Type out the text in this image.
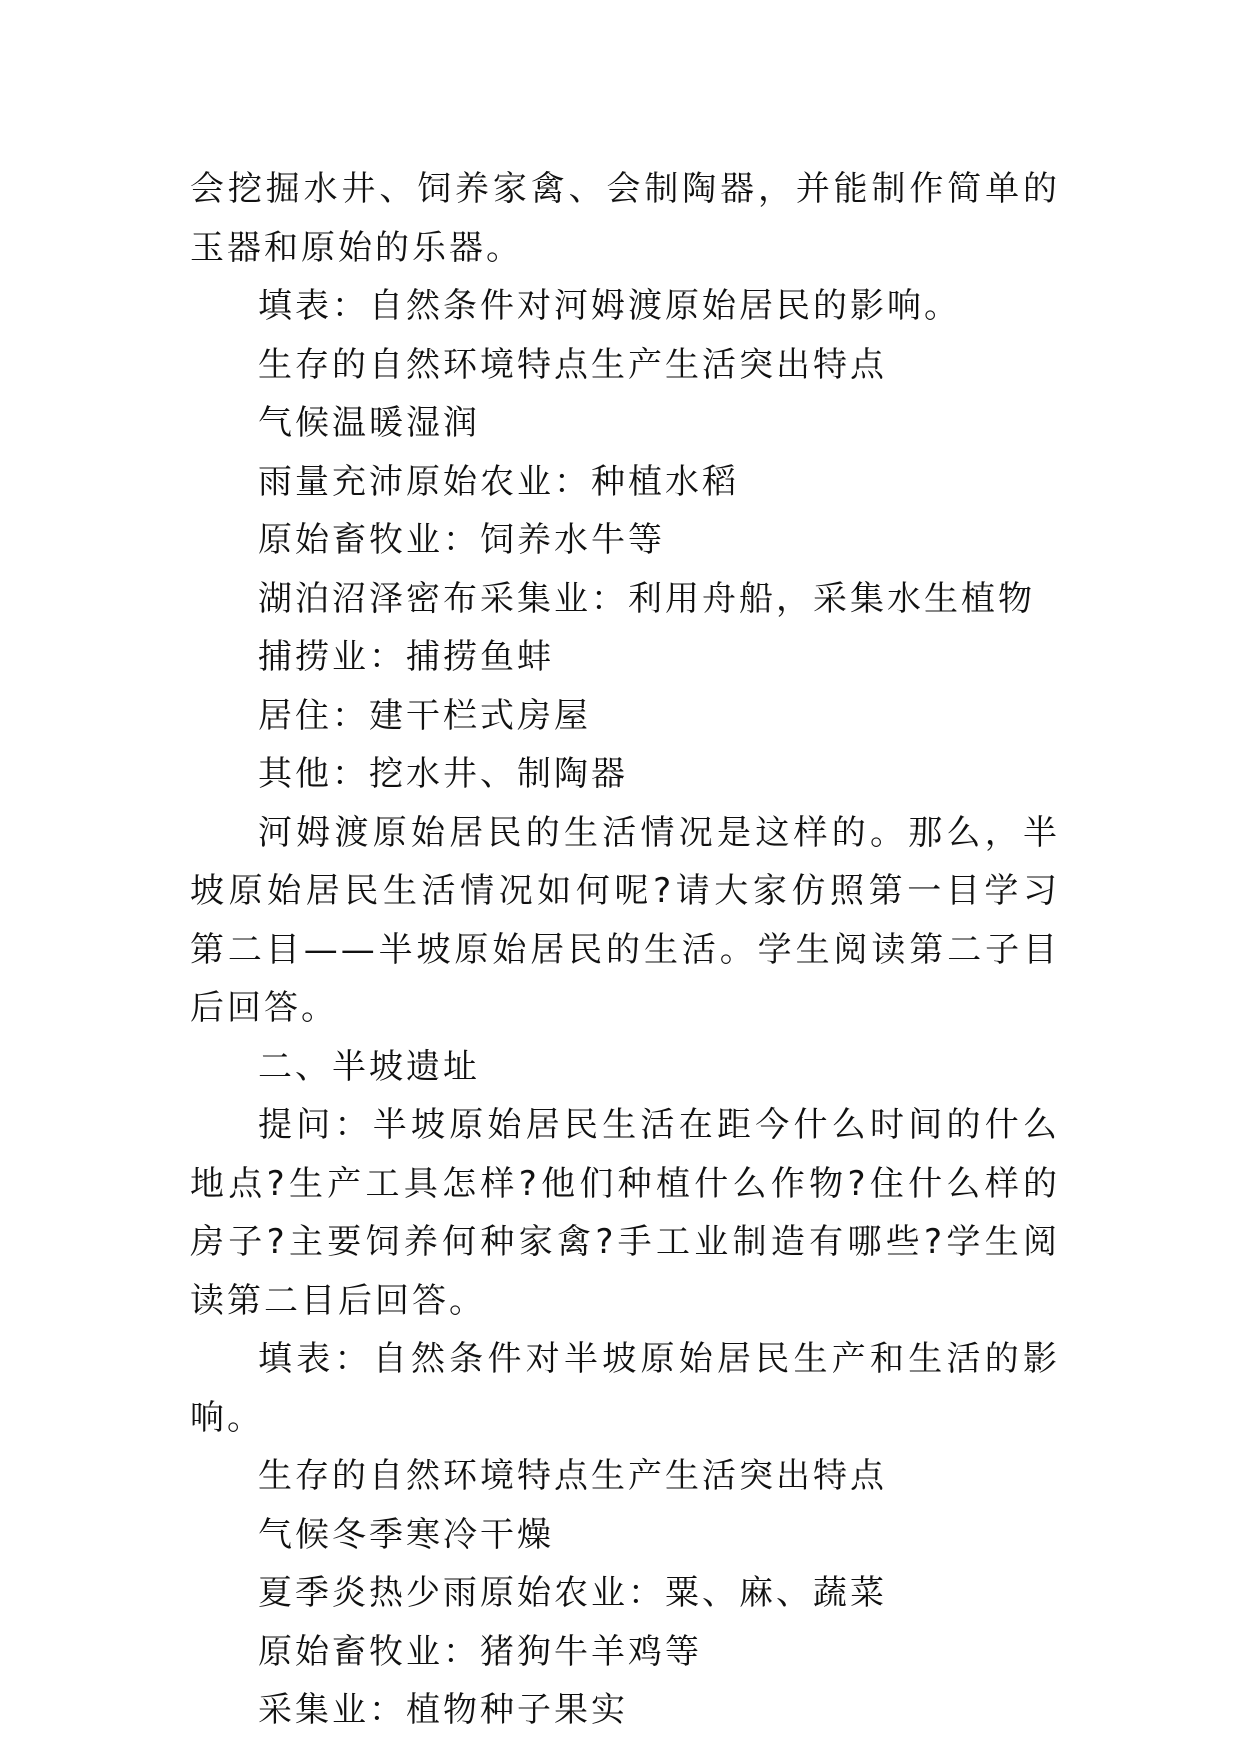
会挖掘水井、饲养家禽、会制陶器，并能制作简单的玉器和原始的乐器。

填表：自然条件对河姆渡原始居民的影响。

生存的自然环境特点生产生活突出特点

气候温暖湿润

雨量充沛原始农业：种植水稻

原始畜牧业：饲养水牛等

湖泊沼泽密布采集业：利用舟船，采集水生植物

捕捞业：捕捞鱼蚌

居住：建干栏式房屋

其他：挖水井、制陶器

河姆渡原始居民的生活情况是这样的。那么，半坡原始居民生活情况如何呢?请大家仿照第一目学习第二目——半坡原始居民的生活。学生阅读第二子目后回答。

二、半坡遗址

提问：半坡原始居民生活在距今什么时间的什么地点?生产工具怎样?他们种植什么作物?住什么样的房子?主要饲养何种家禽?手工业制造有哪些?学生阅读第二目后回答。

填表：自然条件对半坡原始居民生产和生活的影响。

生存的自然环境特点生产生活突出特点

气候冬季寒冷干燥

夏季炎热少雨原始农业：粟、麻、蔬菜

原始畜牧业：猪狗牛羊鸡等

采集业：植物种子果实
